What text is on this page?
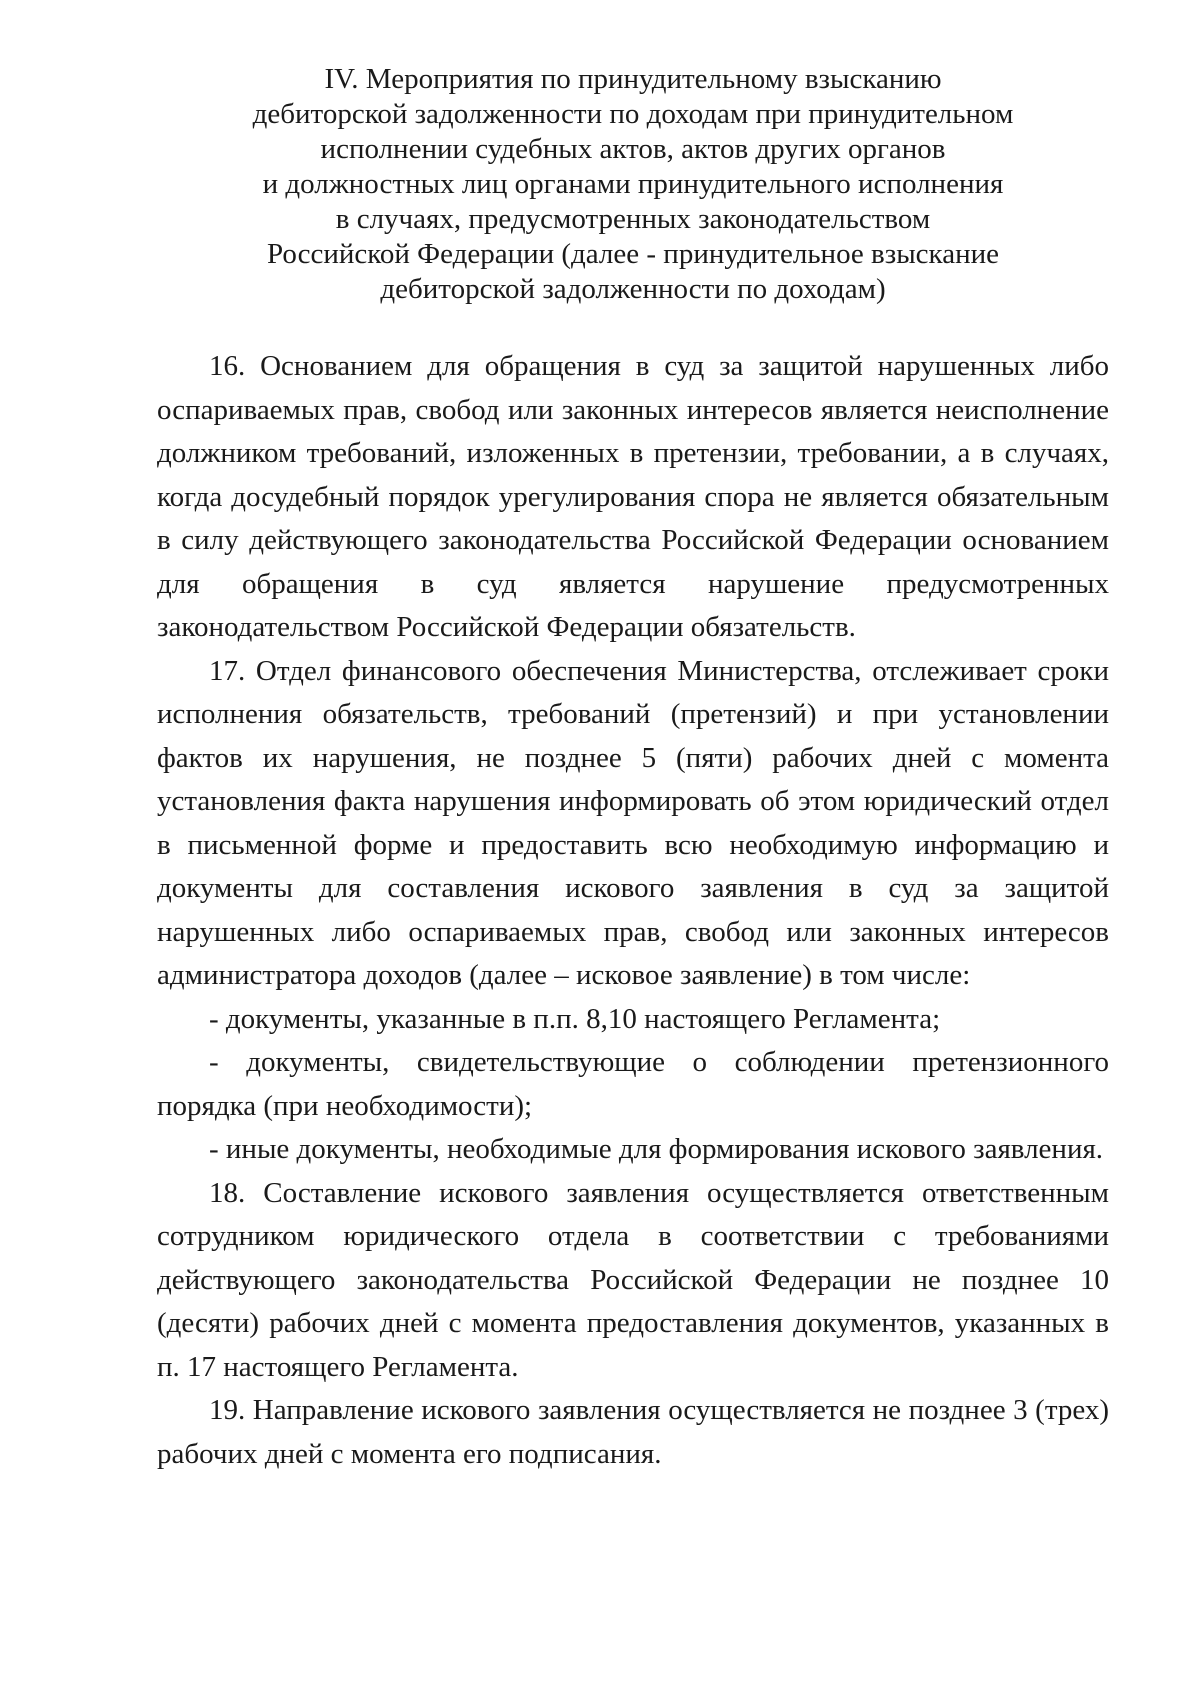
IV. Мероприятия по принудительному взысканию
дебиторской задолженности по доходам при принудительном
исполнении судебных актов, актов других органов
и должностных лиц органами принудительного исполнения
в случаях, предусмотренных законодательством
Российской Федерации (далее - принудительное взыскание
дебиторской задолженности по доходам)

16. Основанием для обращения в суд за защитой нарушенных либо оспариваемых прав, свобод или законных интересов является неисполнение должником требований, изложенных в претензии, требовании, а в случаях, когда досудебный порядок урегулирования спора не является обязательным в силу действующего законодательства Российской Федерации основанием для обращения в суд является нарушение предусмотренных законодательством Российской Федерации обязательств.

17. Отдел финансового обеспечения Министерства, отслеживает сроки исполнения обязательств, требований (претензий) и при установлении фактов их нарушения, не позднее 5 (пяти) рабочих дней с момента установления факта нарушения информировать об этом юридический отдел в письменной форме и предоставить всю необходимую информацию и документы для составления искового заявления в суд за защитой нарушенных либо оспариваемых прав, свобод или законных интересов администратора доходов (далее – исковое заявление) в том числе:

- документы, указанные в п.п. 8,10 настоящего Регламента;

- документы, свидетельствующие о соблюдении претензионного порядка (при необходимости);

- иные документы, необходимые для формирования искового заявления.

18. Составление искового заявления осуществляется ответственным сотрудником юридического отдела в соответствии с требованиями действующего законодательства Российской Федерации не позднее 10 (десяти) рабочих дней с момента предоставления документов, указанных в п. 17 настоящего Регламента.

19. Направление искового заявления осуществляется не позднее 3 (трех) рабочих дней с момента его подписания.
